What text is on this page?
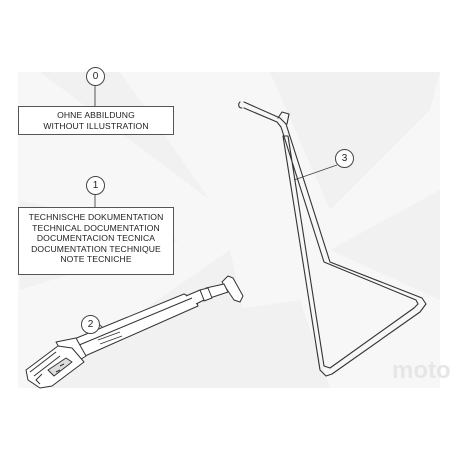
moto
0
OHNE ABBILDUNG
WITHOUT ILLUSTRATION
1
TECHNISCHE DOKUMENTATION
TECHNICAL DOCUMENTATION
DOCUMENTACION TECNICA
DOCUMENTATION TECHNIQUE
NOTE TECNICHE
2
3
